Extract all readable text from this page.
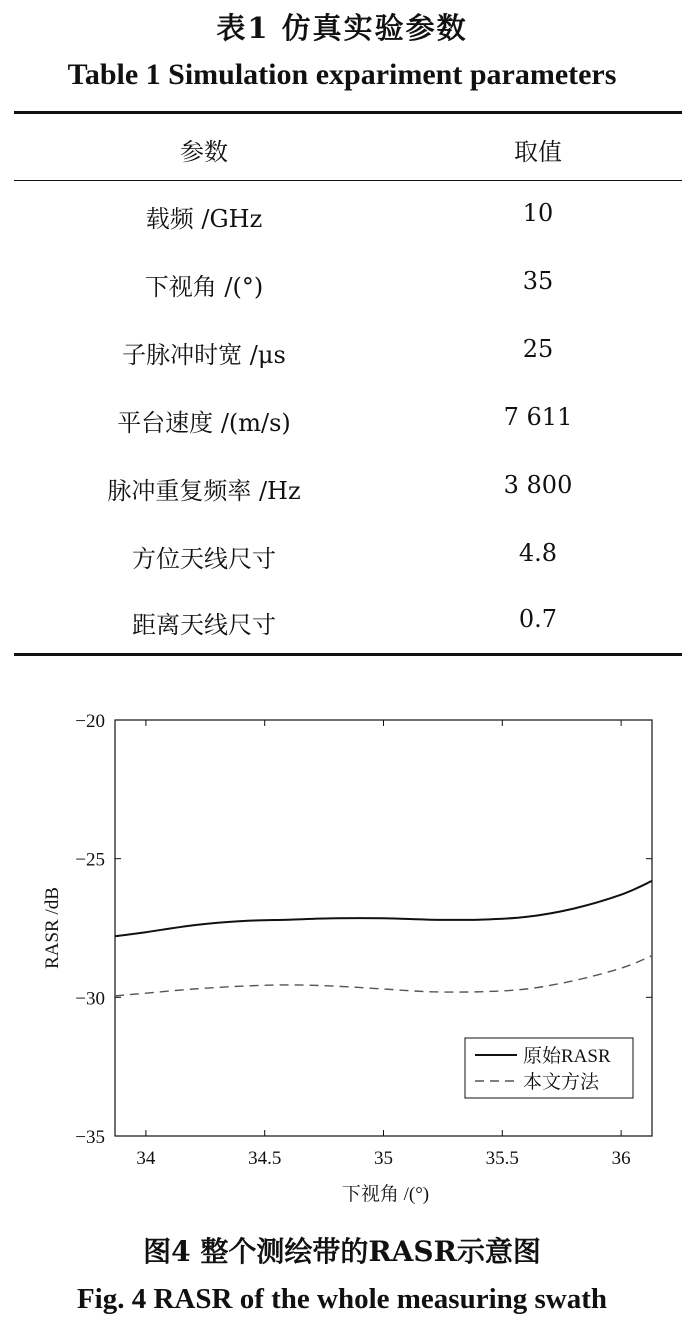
表1 仿真实验参数
Table 1 Simulation expariment parameters
参数	取值
载频 /GHz	10
下视角 /(°)	35
子脉冲时宽 /μs	25
平台速度 /(m/s)	7 611
脉冲重复频率 /Hz	3 800
方位天线尺寸	4.8
距离天线尺寸	0.7
34	34.5	35	35.5	36
−20
−25
−30
−35
下视角 /(°)
RASR /dB
原始RASR
本文方法
图4 整个测绘带的RASR示意图
Fig. 4 RASR of the whole measuring swath
